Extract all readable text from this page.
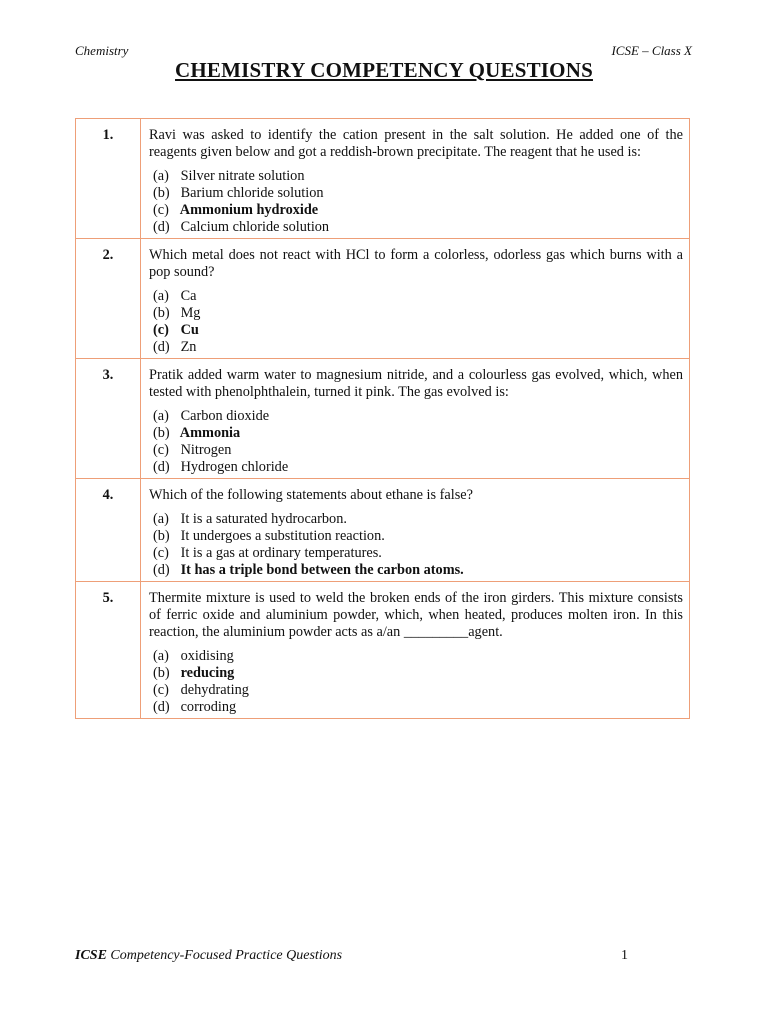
Chemistry	ICSE – Class X
CHEMISTRY COMPETENCY QUESTIONS
1.	Ravi was asked to identify the cation present in the salt solution. He added one of the reagents given below and got a reddish-brown precipitate. The reagent that he used is:
(a) Silver nitrate solution
(b) Barium chloride solution
(c) Ammonium hydroxide
(d) Calcium chloride solution

2.	Which metal does not react with HCl to form a colorless, odorless gas which burns with a pop sound?
(a) Ca
(b) Mg
(c) Cu
(d) Zn

3.	Pratik added warm water to magnesium nitride, and a colourless gas evolved, which, when tested with phenolphthalein, turned it pink. The gas evolved is:
(a) Carbon dioxide
(b) Ammonia
(c) Nitrogen
(d) Hydrogen chloride

4.	Which of the following statements about ethane is false?
(a) It is a saturated hydrocarbon.
(b) It undergoes a substitution reaction.
(c) It is a gas at ordinary temperatures.
(d) It has a triple bond between the carbon atoms.

5.	Thermite mixture is used to weld the broken ends of the iron girders. This mixture consists of ferric oxide and aluminium powder, which, when heated, produces molten iron. In this reaction, the aluminium powder acts as a/an _________agent.
(a) oxidising
(b) reducing
(c) dehydrating
(d) corroding
ICSE Competency-Focused Practice Questions	1
